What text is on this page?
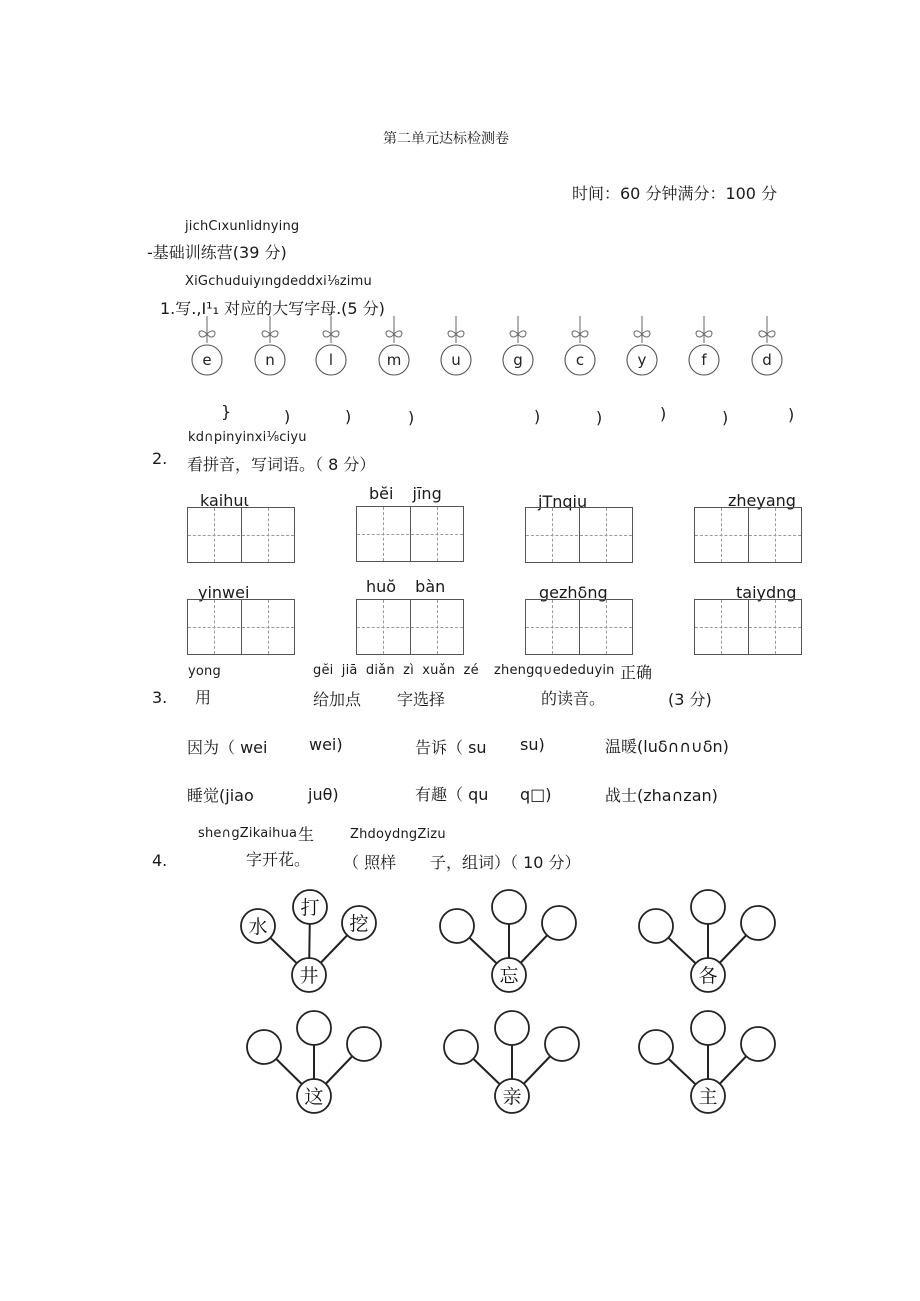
第二单元达标检测卷
时间：60 分钟满分：100 分
jichCıxunlidnying
-基础训练营(39 分)
XiGchuduiyıngdeddxi⅛zimu
1.写.,I¹₁ 对应的大写字母.(5 分)
e	n	l	m	u	g	c	y	f	d
}	)	)	)	)	)	)	)	)
kd∩pinyinxi⅛ciyu
2. 看拼音，写词语。（ 8 分）
kaihuι	bĕi jīng	jTnqiu	zheyang
yinwei	huŏ bàn	gezhδng	taiydng
yong	gĕi jiā diǎn zì xuǎn zé zhengq∪ededuyin 正确
3. 用	给加点 字选择	的读音。	(3 分)
因为（ wei	wei)	告诉（ su su)	温暖(luδ∩∩∪δn)
睡觉(jiao	juθ)	有趣（ qu q□)	战士(zha∩zan)
she∩gZikaihua 生	ZhdoydngZizu
4.	字开花。 （ 照样 子，组词）（ 10 分）
水
打
挖
井	忘	各
这	亲	主
